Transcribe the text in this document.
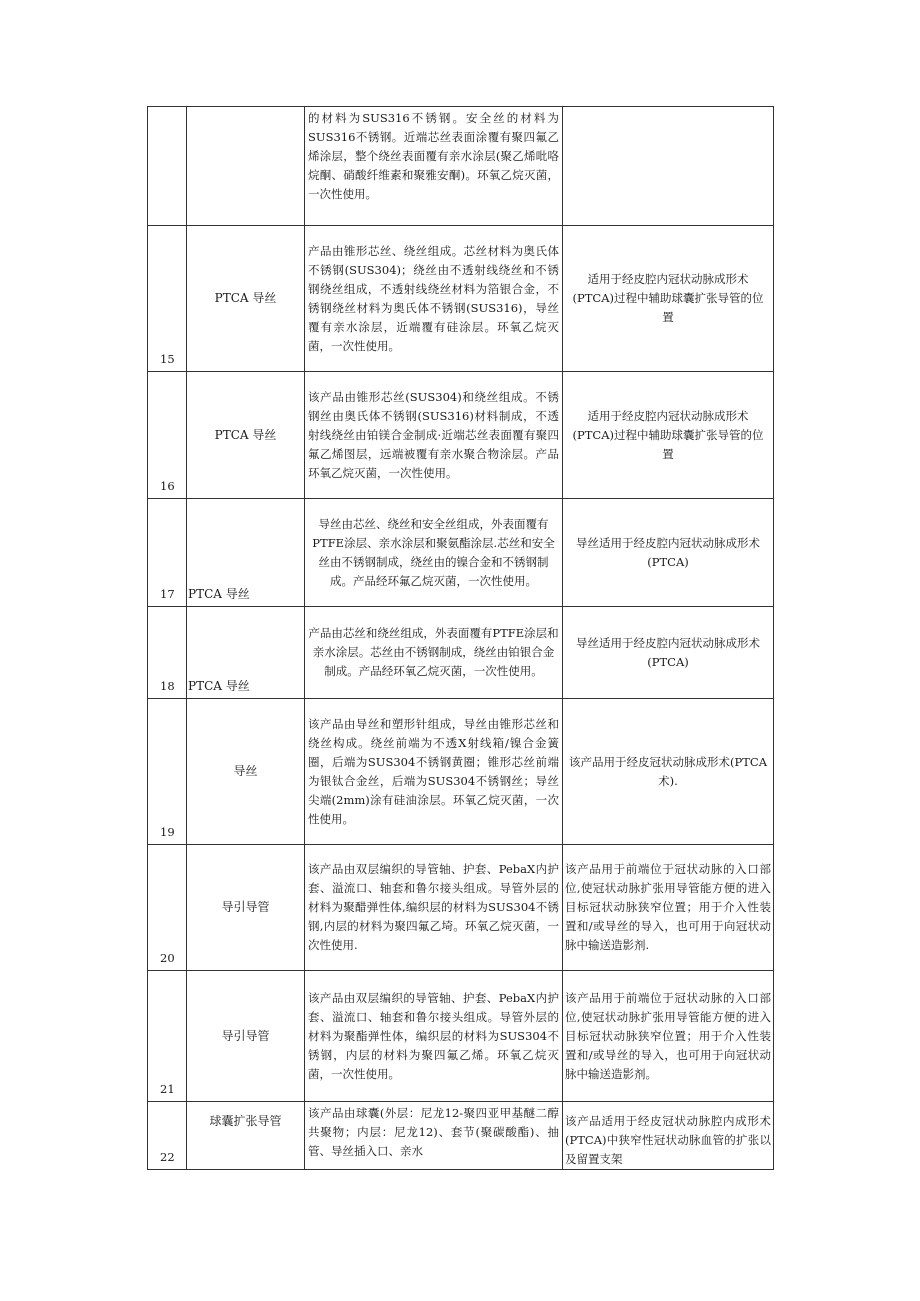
		的材料为SUS316不锈钢。安全丝的材料为SUS316不锈钢。近端芯丝表面涂覆有聚四氟乙烯涂层，整个绕丝表面覆有亲水涂层(聚乙烯吡咯烷酮、硝酸纤维素和聚雅安酮)。环氧乙烷灭菌，一次性使用。	
15	PTCA 导丝	产品由锥形芯丝、绕丝组成。芯丝材料为奥氏体不锈钢(SUS304)；绕丝由不透射线绕丝和不锈钢绕丝组成，不透射线绕丝材料为箔银合金，不锈钢绕丝材料为奥氏体不锈钢(SUS316)，导丝覆有亲水涂层，近端覆有硅涂层。环氧乙烷灭菌，一次性使用。	适用于经皮腔内冠状动脉成形术(PTCA)过程中辅助球囊扩张导管的位置
16	PTCA 导丝	该产品由锥形芯丝(SUS304)和绕丝组成。不锈钢丝由奥氏体不锈钢(SUS316)材料制成，不透射线绕丝由铂镁合金制成·近端芯丝表面覆有聚四氟乙烯图层，远端被覆有亲水聚合物涂层。产品环氧乙烷灭菌，一次性使用。	适用于经皮腔内冠状动脉成形术(PTCA)过程中辅助球囊扩张导管的位置
17	PTCA 导丝	导丝由芯丝、绕丝和安全丝组成，外表面覆有PTFE涂层、亲水涂层和聚氨酯涂层.芯丝和安全丝由不锈钢制成，绕丝由的镍合金和不锈钢制成。产品经环氟乙烷灭菌，一次性使用。	导丝适用于经皮腔内冠状动脉成形术(PTCA)
18	PTCA 导丝	产品由芯丝和绕丝组成，外表面覆有PTFE涂层和亲水涂层。芯丝由不锈钢制成，绕丝由铂银合金制成。产品经环氧乙烷灭菌，一次性使用。	导丝适用于经皮腔内冠状动脉成形术(PTCA)
19	导丝	该产品由导丝和塑形针组成，导丝由锥形芯丝和绕丝构成。绕丝前端为不透X射线箱/镍合金簧圈，后端为SUS304不锈钢黄圈；锥形芯丝前端为银钛合金丝，后端为SUS304不锈钢丝；导丝尖端(2mm)涂有硅油涂层。环氧乙烷灭菌，一次性使用。	该产品用于经皮冠状动脉成形术(PTCA术).
20	导引导管	该产品由双层编织的导管轴、护套、PebaX内护套、溢流口、轴套和鲁尔接头组成。导管外层的材料为聚醋弹性体,编织层的材料为SUS304不锈钢,内层的材料为聚四氟乙埼。环氧乙烷灭菌，一次性使用.	该产品用于前端位于冠状动脉的入口部位,使冠状动脉扩张用导管能方便的进入目标冠状动脉狭窄位置；用于介入性装置和/或导丝的导入，也可用于向冠状动脉中输送造影剂.
21	导引导管	该产品由双层编织的导管轴、护套、PebaX内护套、溢流口、轴套和鲁尔接头组成。导管外层的材料为聚酯弹性体，编织层的材料为SUS304不锈钢，内层的材料为聚四氟乙烯。环氧乙烷灭菌，一次性使用。	该产品用于前端位于冠状动脉的入口部位,使冠状动脉扩张用导管能方便的进入目标冠状动脉狭窄位置；用于介入性装置和/或导丝的导入，也可用于向冠状动脉中输送造影剂。
22	球囊扩张导管	该产品由球囊(外层：尼龙12-聚四亚甲基醚二醇共聚物；内层：尼龙12)、套节(聚碳酸酯)、抽管、导丝插入口、亲水	该产品适用于经皮冠状动脉腔内成形术(PTCA)中狭窄性冠状动脉血管的扩张以及留置支架
